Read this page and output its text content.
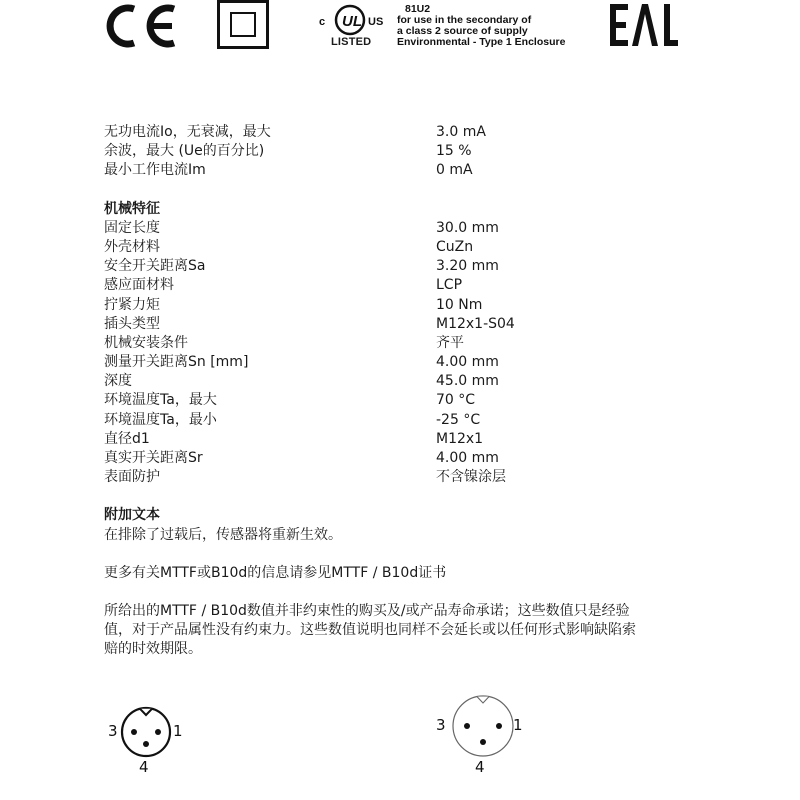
c UL US
LISTED

81U2
for use in the secondary of
a class 2 source of supply
Environmental - Type 1 Enclosure
无功电流Io，无衰减，最大	3.0 mA
余波，最大 (Ue的百分比)	15 %
最小工作电流Im	0 mA
机械特征
固定长度	30.0 mm
外壳材料	CuZn
安全开关距离Sa	3.20 mm
感应面材料	LCP
拧紧力矩	10 Nm
插头类型	M12x1-S04
机械安装条件	齐平
测量开关距离Sn [mm]	4.00 mm
深度	45.0 mm
环境温度Ta，最大	70 °C
环境温度Ta，最小	-25 °C
直径d1	M12x1
真实开关距离Sr	4.00 mm
表面防护	不含镍涂层
附加文本
在排除了过载后，传感器将重新生效。
更多有关MTTF或B10d的信息请参见MTTF / B10d证书
所给出的MTTF / B10d数值并非约束性的购买及/或产品寿命承诺；这些数值只是经验
值，对于产品属性没有约束力。这些数值说明也同样不会延长或以任何形式影响缺陷索
赔的时效期限。
3	1
4
3	1
4
